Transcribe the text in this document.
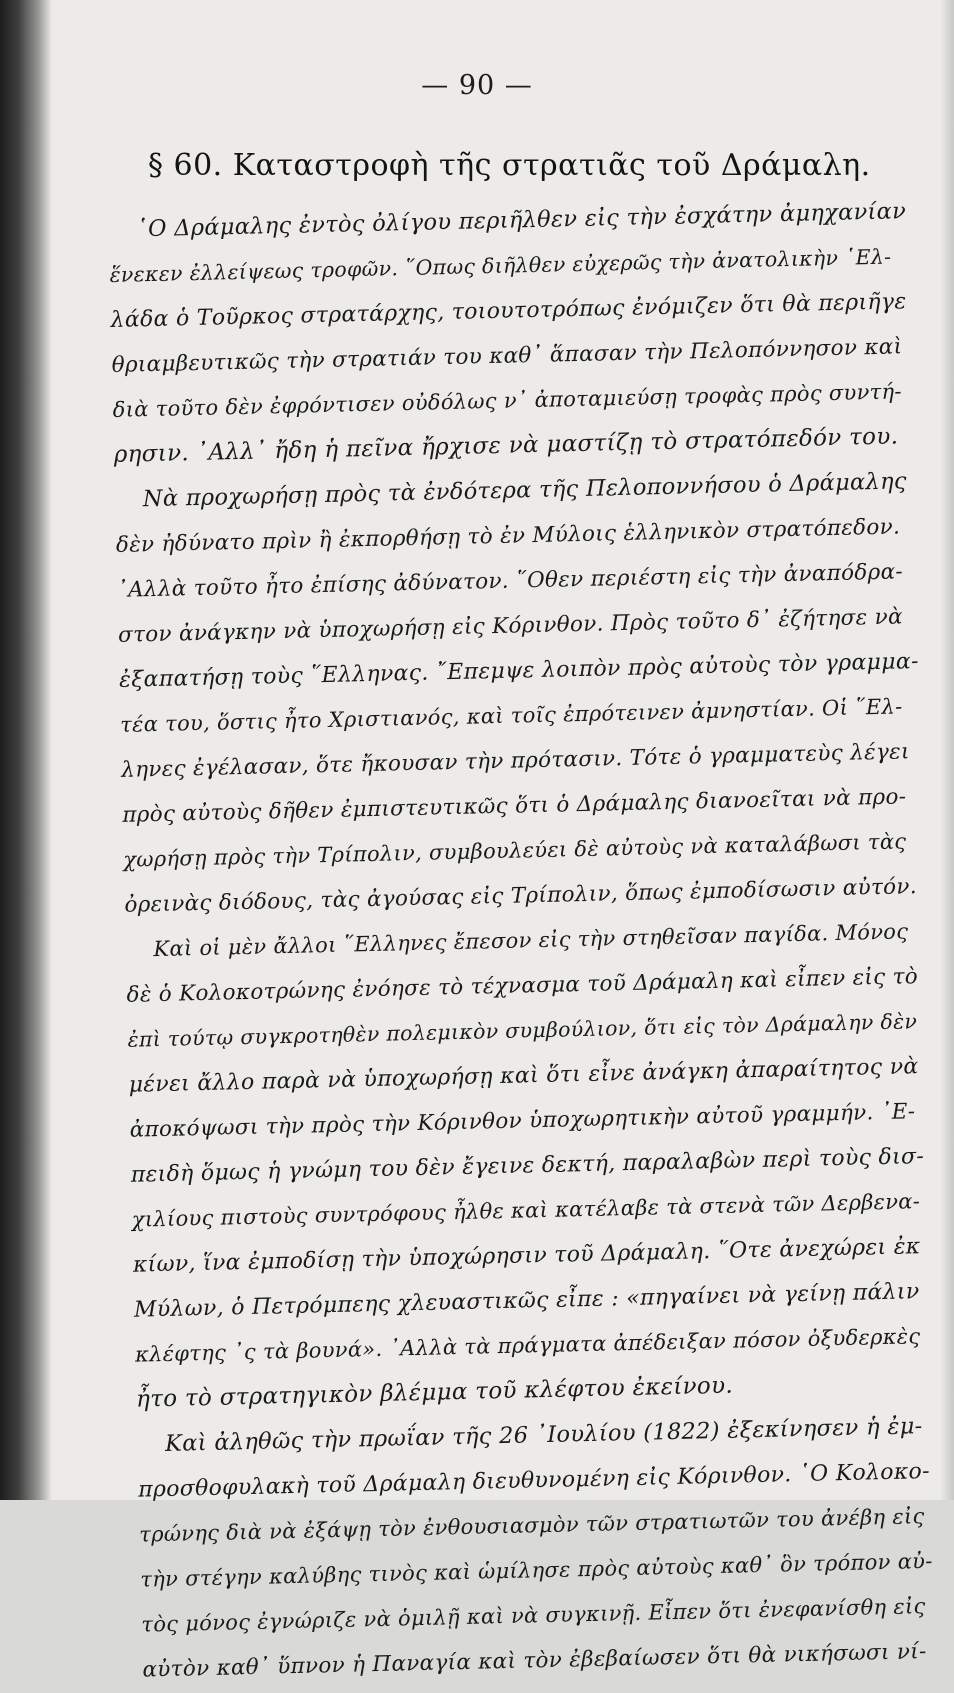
— 90 —
§ 60. Καταστροφὴ τῆς στρατιᾶς τοῦ Δράμαλη.
῾Ο Δράμαλης ἐντὸς ὀλίγου περιῆλθεν εἰς τὴν ἐσχάτην ἀμηχανίαν
ἕνεκεν ἐλλείψεως τροφῶν. ῞Οπως διῆλθεν εὐχερῶς τὴν ἀνατολικὴν ῾Ελ-
λάδα ὁ Τοῦρκος στρατάρχης, τοιουτοτρόπως ἐνόμιζεν ὅτι θὰ περιῆγε
θριαμβευτικῶς τὴν στρατιάν του καθ᾽ ἅπασαν τὴν Πελοπόννησον καὶ
διὰ τοῦτο δὲν ἐφρόντισεν οὐδόλως ν᾽ ἀποταμιεύσῃ τροφὰς πρὸς συντή-
ρησιν. ᾽Αλλ᾽ ἤδη ἡ πεῖνα ἤρχισε νὰ μαστίζῃ τὸ στρατόπεδόν του.
Νὰ προχωρήσῃ πρὸς τὰ ἐνδότερα τῆς Πελοποννήσου ὁ Δράμαλης
δὲν ἠδύνατο πρὶν ἢ ἐκπορθήσῃ τὸ ἐν Μύλοις ἑλληνικὸν στρατόπεδον.
᾽Αλλὰ τοῦτο ἦτο ἐπίσης ἀδύνατον. ῞Οθεν περιέστη εἰς τὴν ἀναπόδρα-
στον ἀνάγκην νὰ ὑποχωρήσῃ εἰς Κόρινθον. Πρὸς τοῦτο δ᾽ ἐζήτησε νὰ
ἐξαπατήσῃ τοὺς ῞Ελληνας. ῎Επεμψε λοιπὸν πρὸς αὐτοὺς τὸν γραμμα-
τέα του, ὅστις ἦτο Χριστιανός, καὶ τοῖς ἐπρότεινεν ἀμνηστίαν. Οἱ ῞Ελ-
ληνες ἐγέλασαν, ὅτε ἤκουσαν τὴν πρότασιν. Τότε ὁ γραμματεὺς λέγει
πρὸς αὐτοὺς δῆθεν ἐμπιστευτικῶς ὅτι ὁ Δράμαλης διανοεῖται νὰ προ-
χωρήσῃ πρὸς τὴν Τρίπολιν, συμβουλεύει δὲ αὐτοὺς νὰ καταλάβωσι τὰς
ὀρεινὰς διόδους, τὰς ἀγούσας εἰς Τρίπολιν, ὅπως ἐμποδίσωσιν αὐτόν.
Καὶ οἱ μὲν ἄλλοι ῞Ελληνες ἔπεσον εἰς τὴν στηθεῖσαν παγίδα. Μόνος
δὲ ὁ Κολοκοτρώνης ἐνόησε τὸ τέχνασμα τοῦ Δράμαλη καὶ εἶπεν εἰς τὸ
ἐπὶ τούτῳ συγκροτηθὲν πολεμικὸν συμβούλιον, ὅτι εἰς τὸν Δράμαλην δὲν
μένει ἄλλο παρὰ νὰ ὑποχωρήσῃ καὶ ὅτι εἶνε ἀνάγκη ἀπαραίτητος νὰ
ἀποκόψωσι τὴν πρὸς τὴν Κόρινθον ὑποχωρητικὴν αὐτοῦ γραμμήν. ᾽Ε-
πειδὴ ὅμως ἡ γνώμη του δὲν ἔγεινε δεκτή, παραλαβὼν περὶ τοὺς δισ-
χιλίους πιστοὺς συντρόφους ἦλθε καὶ κατέλαβε τὰ στενὰ τῶν Δερβενα-
κίων, ἵνα ἐμποδίσῃ τὴν ὑποχώρησιν τοῦ Δράμαλη. ῞Οτε ἀνεχώρει ἐκ
Μύλων, ὁ Πετρόμπεης χλευαστικῶς εἶπε : «πηγαίνει νὰ γείνῃ πάλιν
κλέφτης ᾽ς τὰ βουνά». ᾽Αλλὰ τὰ πράγματα ἀπέδειξαν πόσον ὀξυδερκὲς
ἦτο τὸ στρατηγικὸν βλέμμα τοῦ κλέφτου ἐκείνου.
Καὶ ἀληθῶς τὴν πρωΐαν τῆς 26 ᾽Ιουλίου (1822) ἐξεκίνησεν ἡ ἐμ-
προσθοφυλακὴ τοῦ Δράμαλη διευθυνομένη εἰς Κόρινθον. ῾Ο Κολοκο-
τρώνης διὰ νὰ ἐξάψῃ τὸν ἐνθουσιασμὸν τῶν στρατιωτῶν του ἀνέβη εἰς
τὴν στέγην καλύβης τινὸς καὶ ὡμίλησε πρὸς αὐτοὺς καθ᾽ ὃν τρόπον αὐ-
τὸς μόνος ἐγνώριζε νὰ ὁμιλῇ καὶ νὰ συγκινῇ. Εἶπεν ὅτι ἐνεφανίσθη εἰς
αὐτὸν καθ᾽ ὕπνον ἡ Παναγία καὶ τὸν ἐβεβαίωσεν ὅτι θὰ νικήσωσι νί-
